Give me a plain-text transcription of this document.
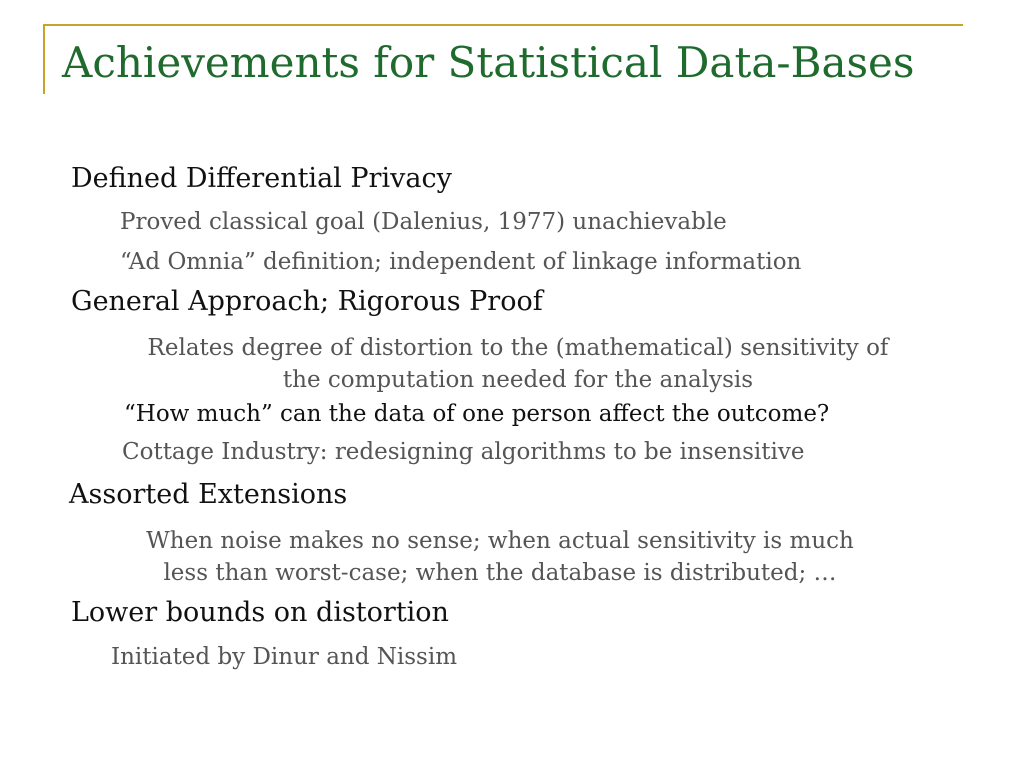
Achievements for Statistical Data-Bases
Defined Differential Privacy
Proved classical goal (Dalenius, 1977) unachievable
“Ad Omnia” definition; independent of linkage information
General Approach; Rigorous Proof
Relates degree of distortion to the (mathematical) sensitivity of
the computation needed for the analysis
“How much” can the data of one person affect the outcome?
Cottage Industry: redesigning algorithms to be insensitive
Assorted Extensions
When noise makes no sense; when actual sensitivity is much
less than worst-case; when the database is distributed; …
Lower bounds on distortion
Initiated by Dinur and Nissim
